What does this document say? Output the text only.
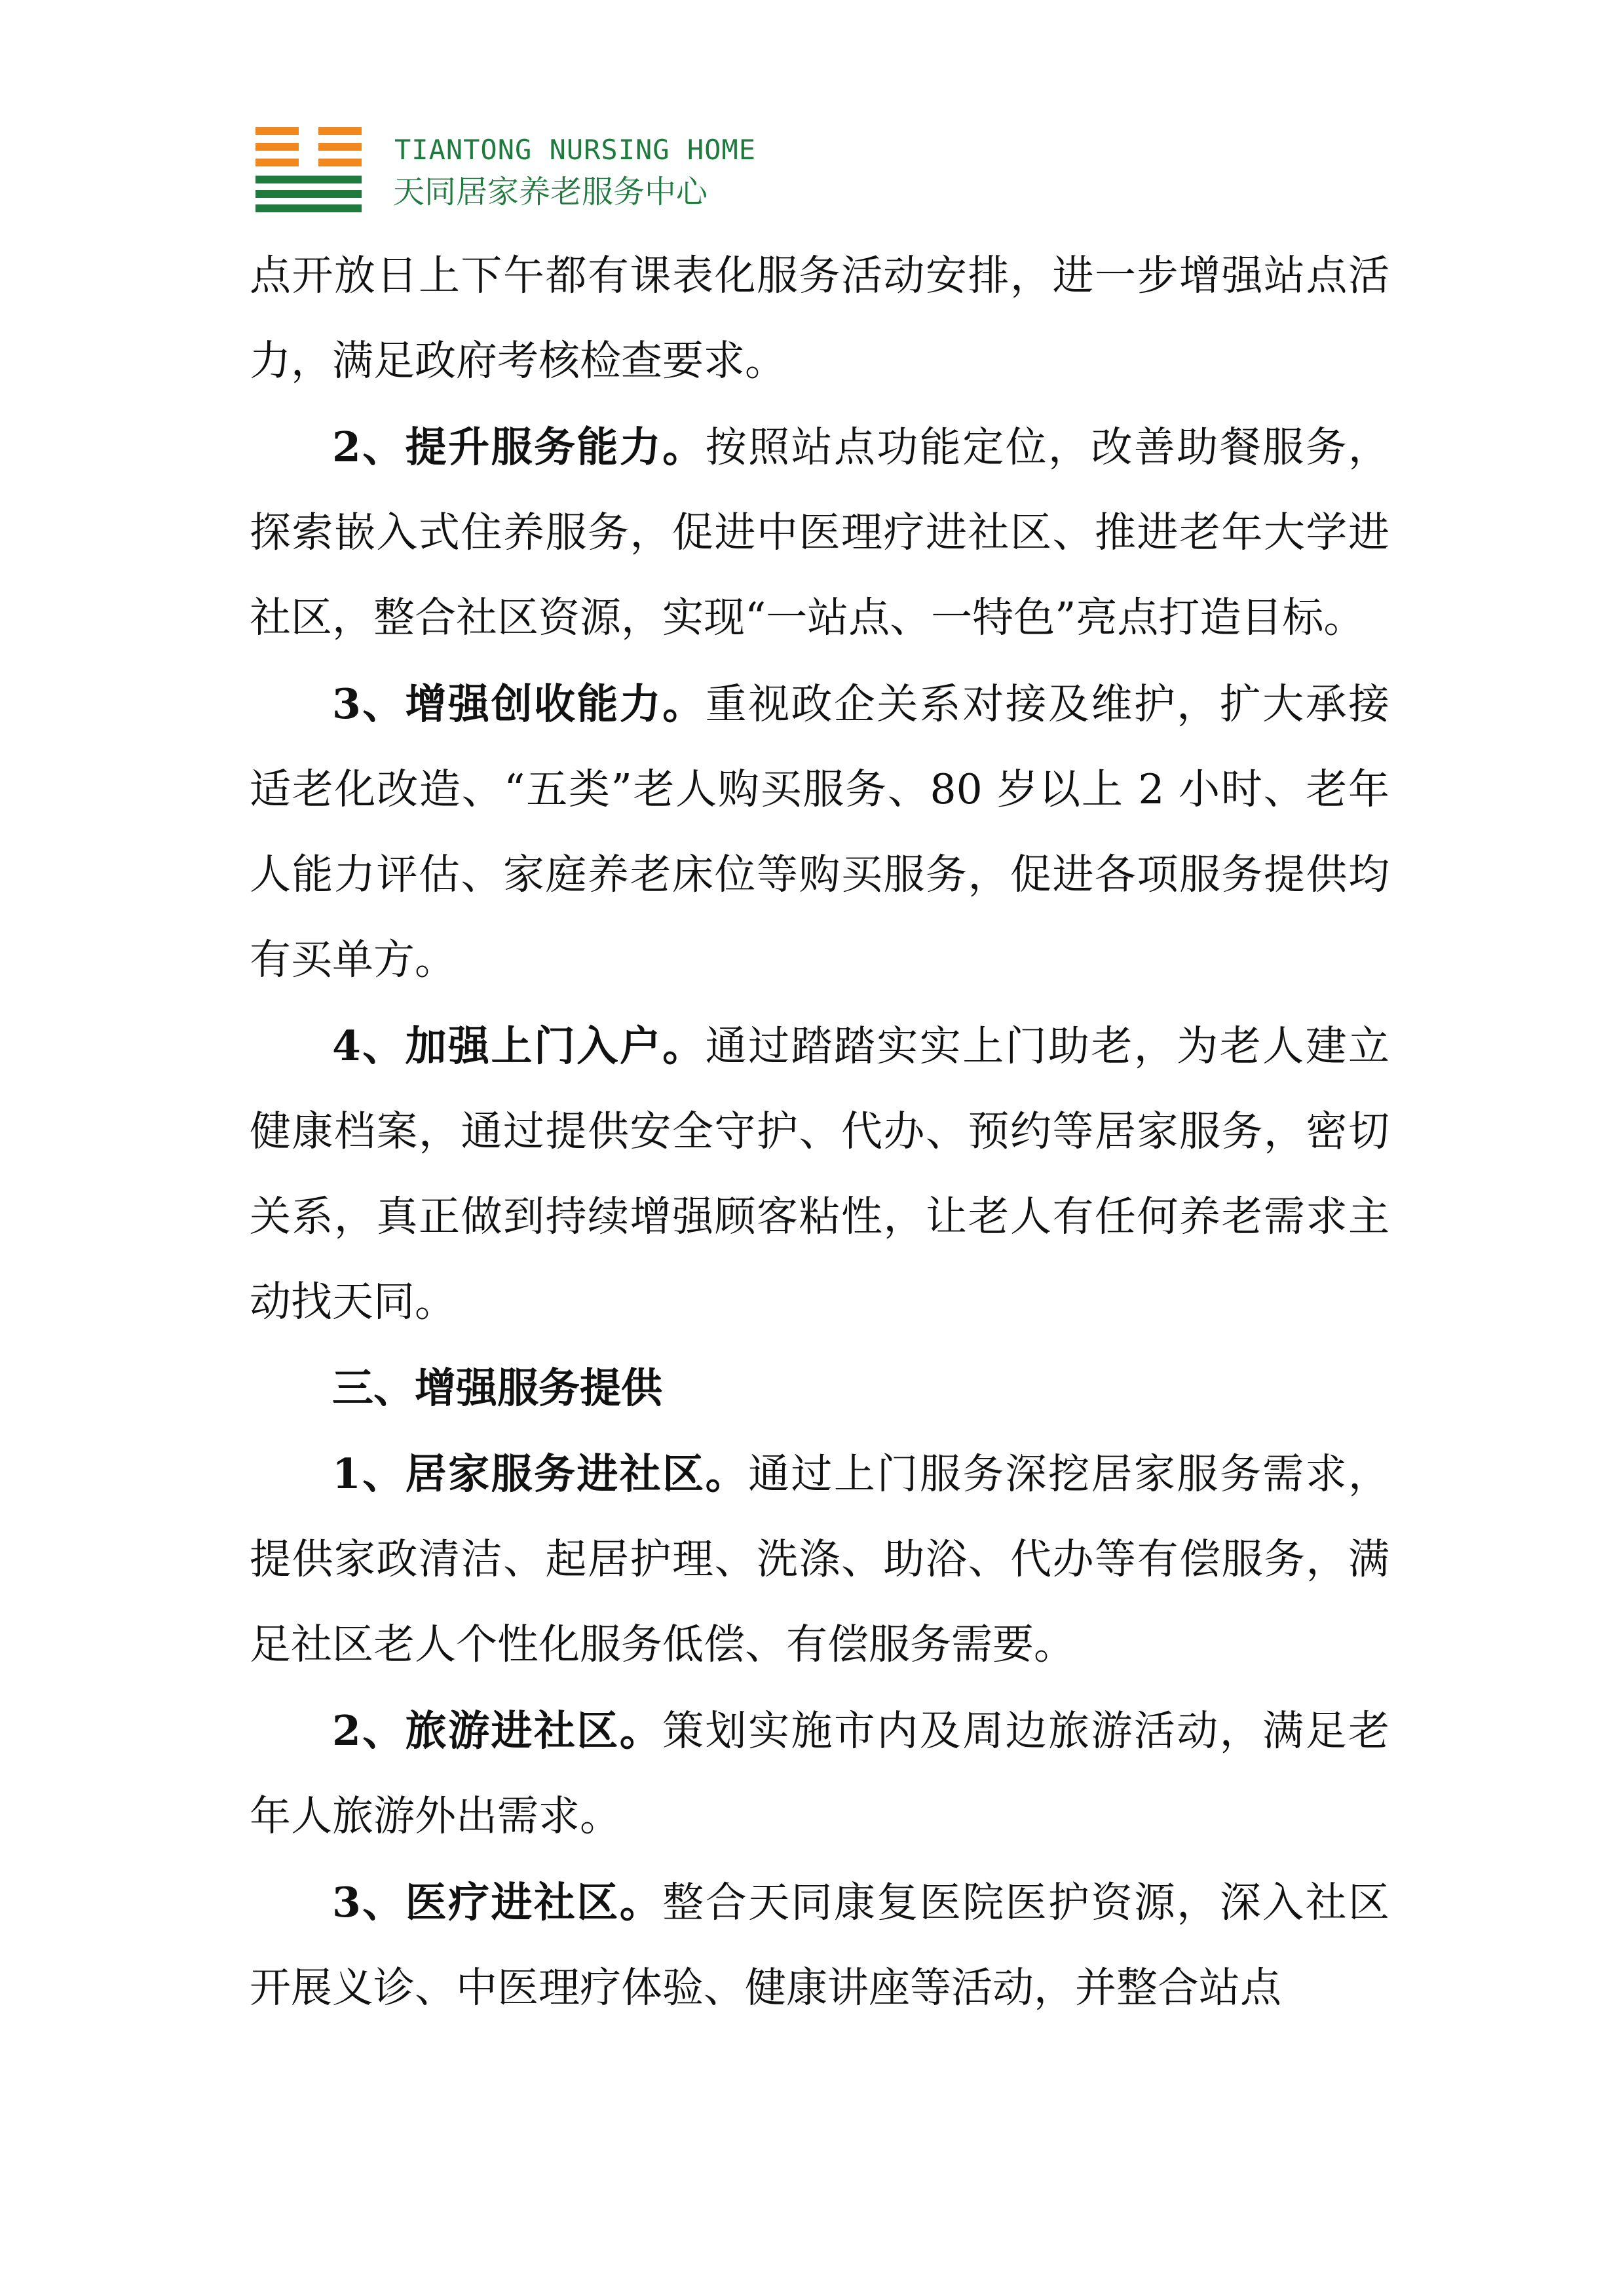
TIANTONG NURSING HOME
天同居家养老服务中心

点开放日上下午都有课表化服务活动安排，进一步增强站点活力，满足政府考核检查要求。

2、提升服务能力。按照站点功能定位，改善助餐服务，探索嵌入式住养服务，促进中医理疗进社区、推进老年大学进社区，整合社区资源，实现“一站点、一特色”亮点打造目标。

3、增强创收能力。重视政企关系对接及维护，扩大承接适老化改造、“五类”老人购买服务、80 岁以上 2 小时、老年人能力评估、家庭养老床位等购买服务，促进各项服务提供均有买单方。

4、加强上门入户。通过踏踏实实上门助老，为老人建立健康档案，通过提供安全守护、代办、预约等居家服务，密切关系，真正做到持续增强顾客粘性，让老人有任何养老需求主动找天同。

三、增强服务提供

1、居家服务进社区。通过上门服务深挖居家服务需求，提供家政清洁、起居护理、洗涤、助浴、代办等有偿服务，满足社区老人个性化服务低偿、有偿服务需要。

2、旅游进社区。策划实施市内及周边旅游活动，满足老年人旅游外出需求。

3、医疗进社区。整合天同康复医院医护资源，深入社区开展义诊、中医理疗体验、健康讲座等活动，并整合站点
